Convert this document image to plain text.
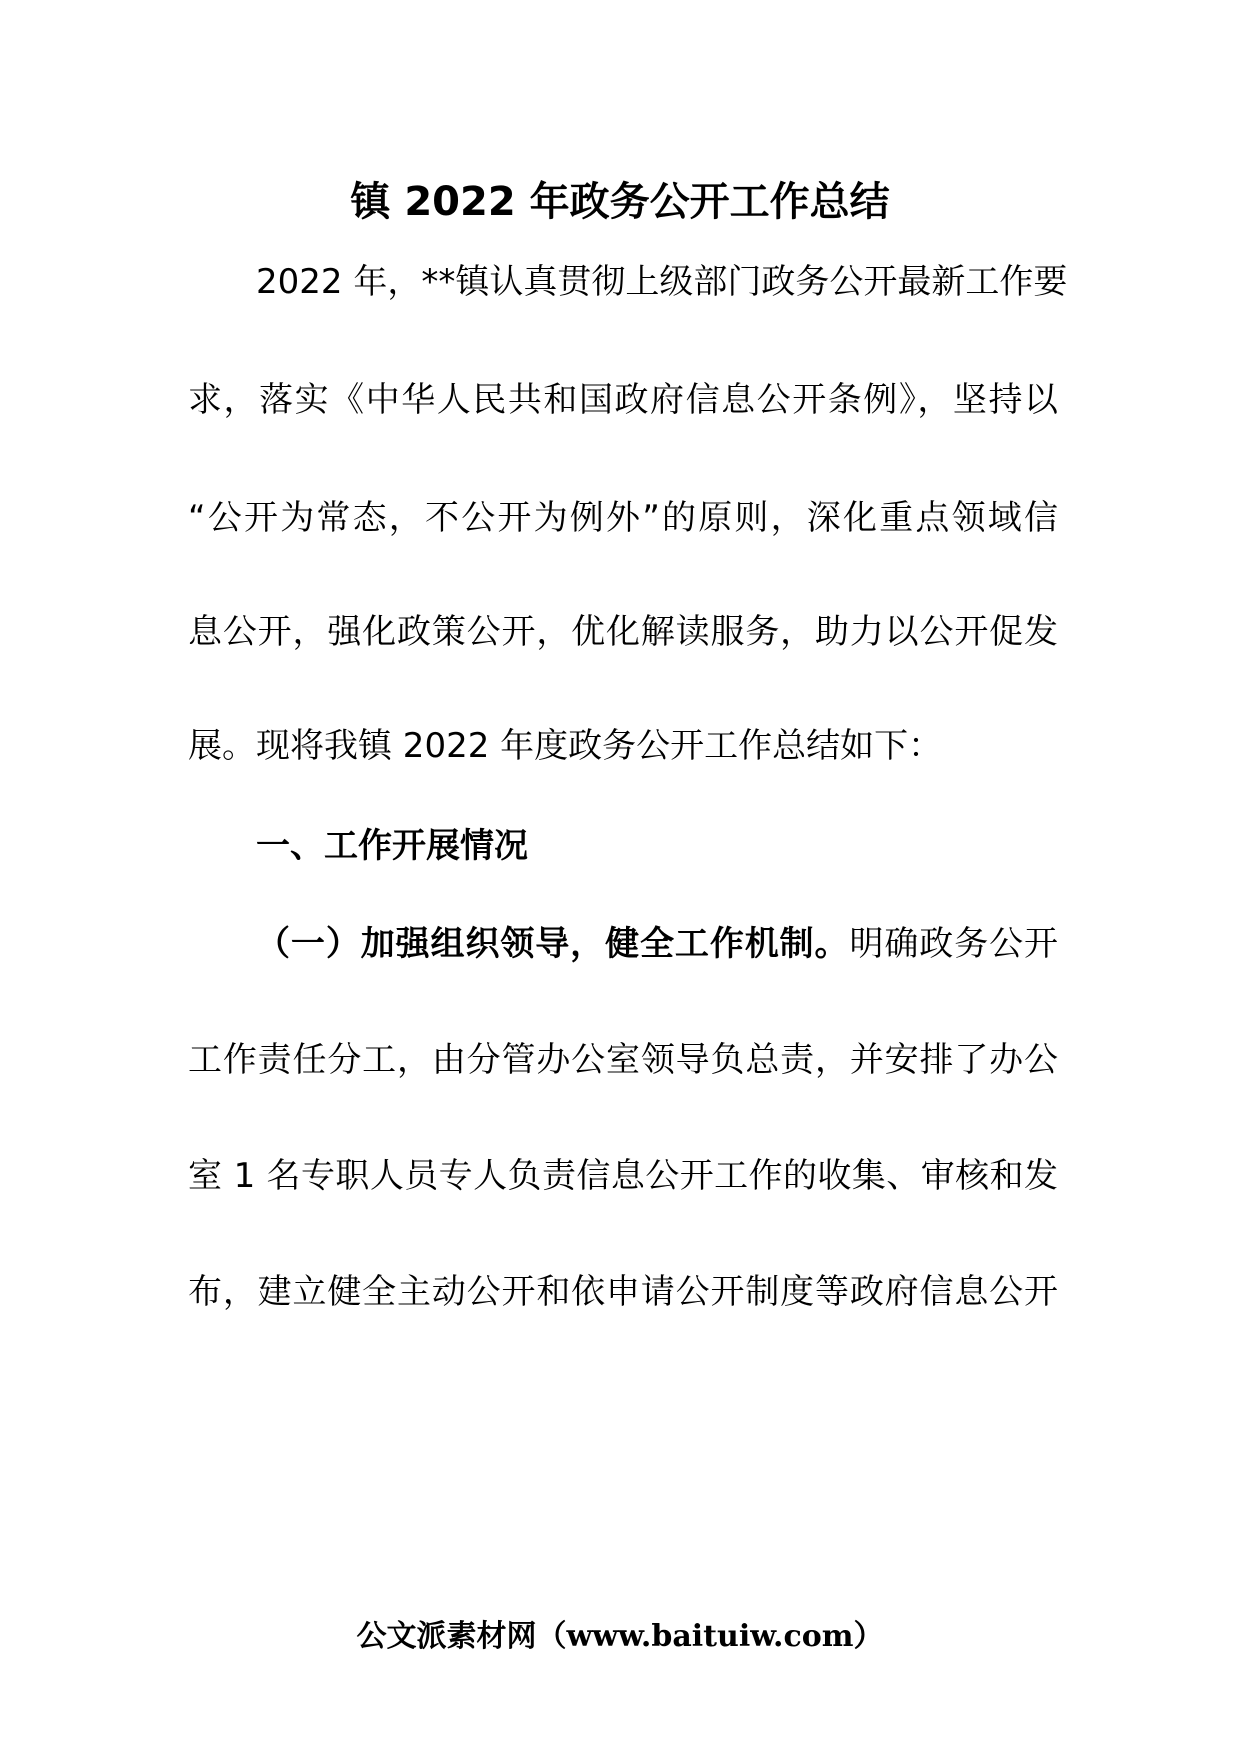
镇 2022 年政务公开工作总结
2022 年，**镇认真贯彻上级部门政务公开最新工作要
求，落实《中华人民共和国政府信息公开条例》，坚持以
“公开为常态，不公开为例外”的原则，深化重点领域信
息公开，强化政策公开，优化解读服务，助力以公开促发
展。现将我镇 2022 年度政务公开工作总结如下：
一、工作开展情况
（一）加强组织领导，健全工作机制。明确政务公开
工作责任分工，由分管办公室领导负总责，并安排了办公
室 1 名专职人员专人负责信息公开工作的收集、审核和发
布，建立健全主动公开和依申请公开制度等政府信息公开
公文派素材网（www.baituiw.com）
